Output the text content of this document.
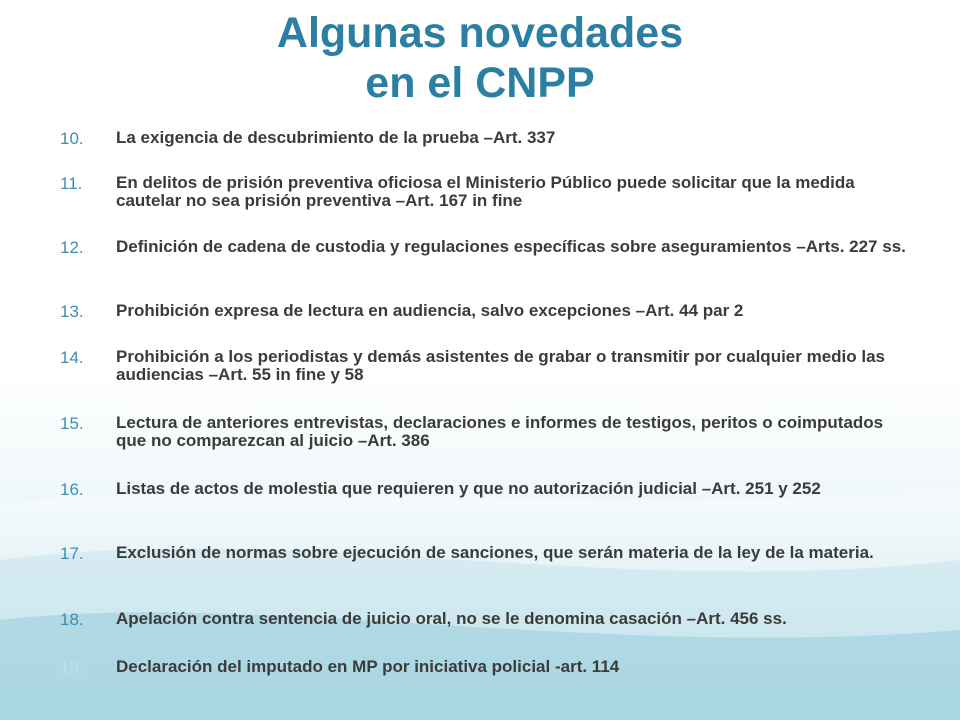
Algunas novedades
en el CNPP
10.	La exigencia de descubrimiento de la prueba –Art. 337
11.	En delitos de prisión preventiva oficiosa el Ministerio Público puede solicitar que la medida cautelar no sea prisión preventiva –Art. 167 in fine
12.	Definición de cadena de custodia y regulaciones específicas sobre aseguramientos –Arts. 227 ss.
13.	Prohibición expresa de lectura en audiencia, salvo excepciones –Art. 44 par 2
14.	Prohibición a los periodistas y demás asistentes de grabar o transmitir por cualquier medio las audiencias –Art. 55 in fine y 58
15.	Lectura de anteriores entrevistas, declaraciones e informes de testigos, peritos o coimputados que no comparezcan al juicio –Art. 386
16.	Listas de actos de molestia que requieren y que no autorización judicial –Art. 251 y 252
17.	Exclusión de normas sobre ejecución de sanciones, que serán materia de la ley de la materia.
18.	Apelación contra sentencia de juicio oral, no se le denomina casación –Art. 456 ss.
19.	Declaración del imputado en MP por iniciativa policial -art. 114
